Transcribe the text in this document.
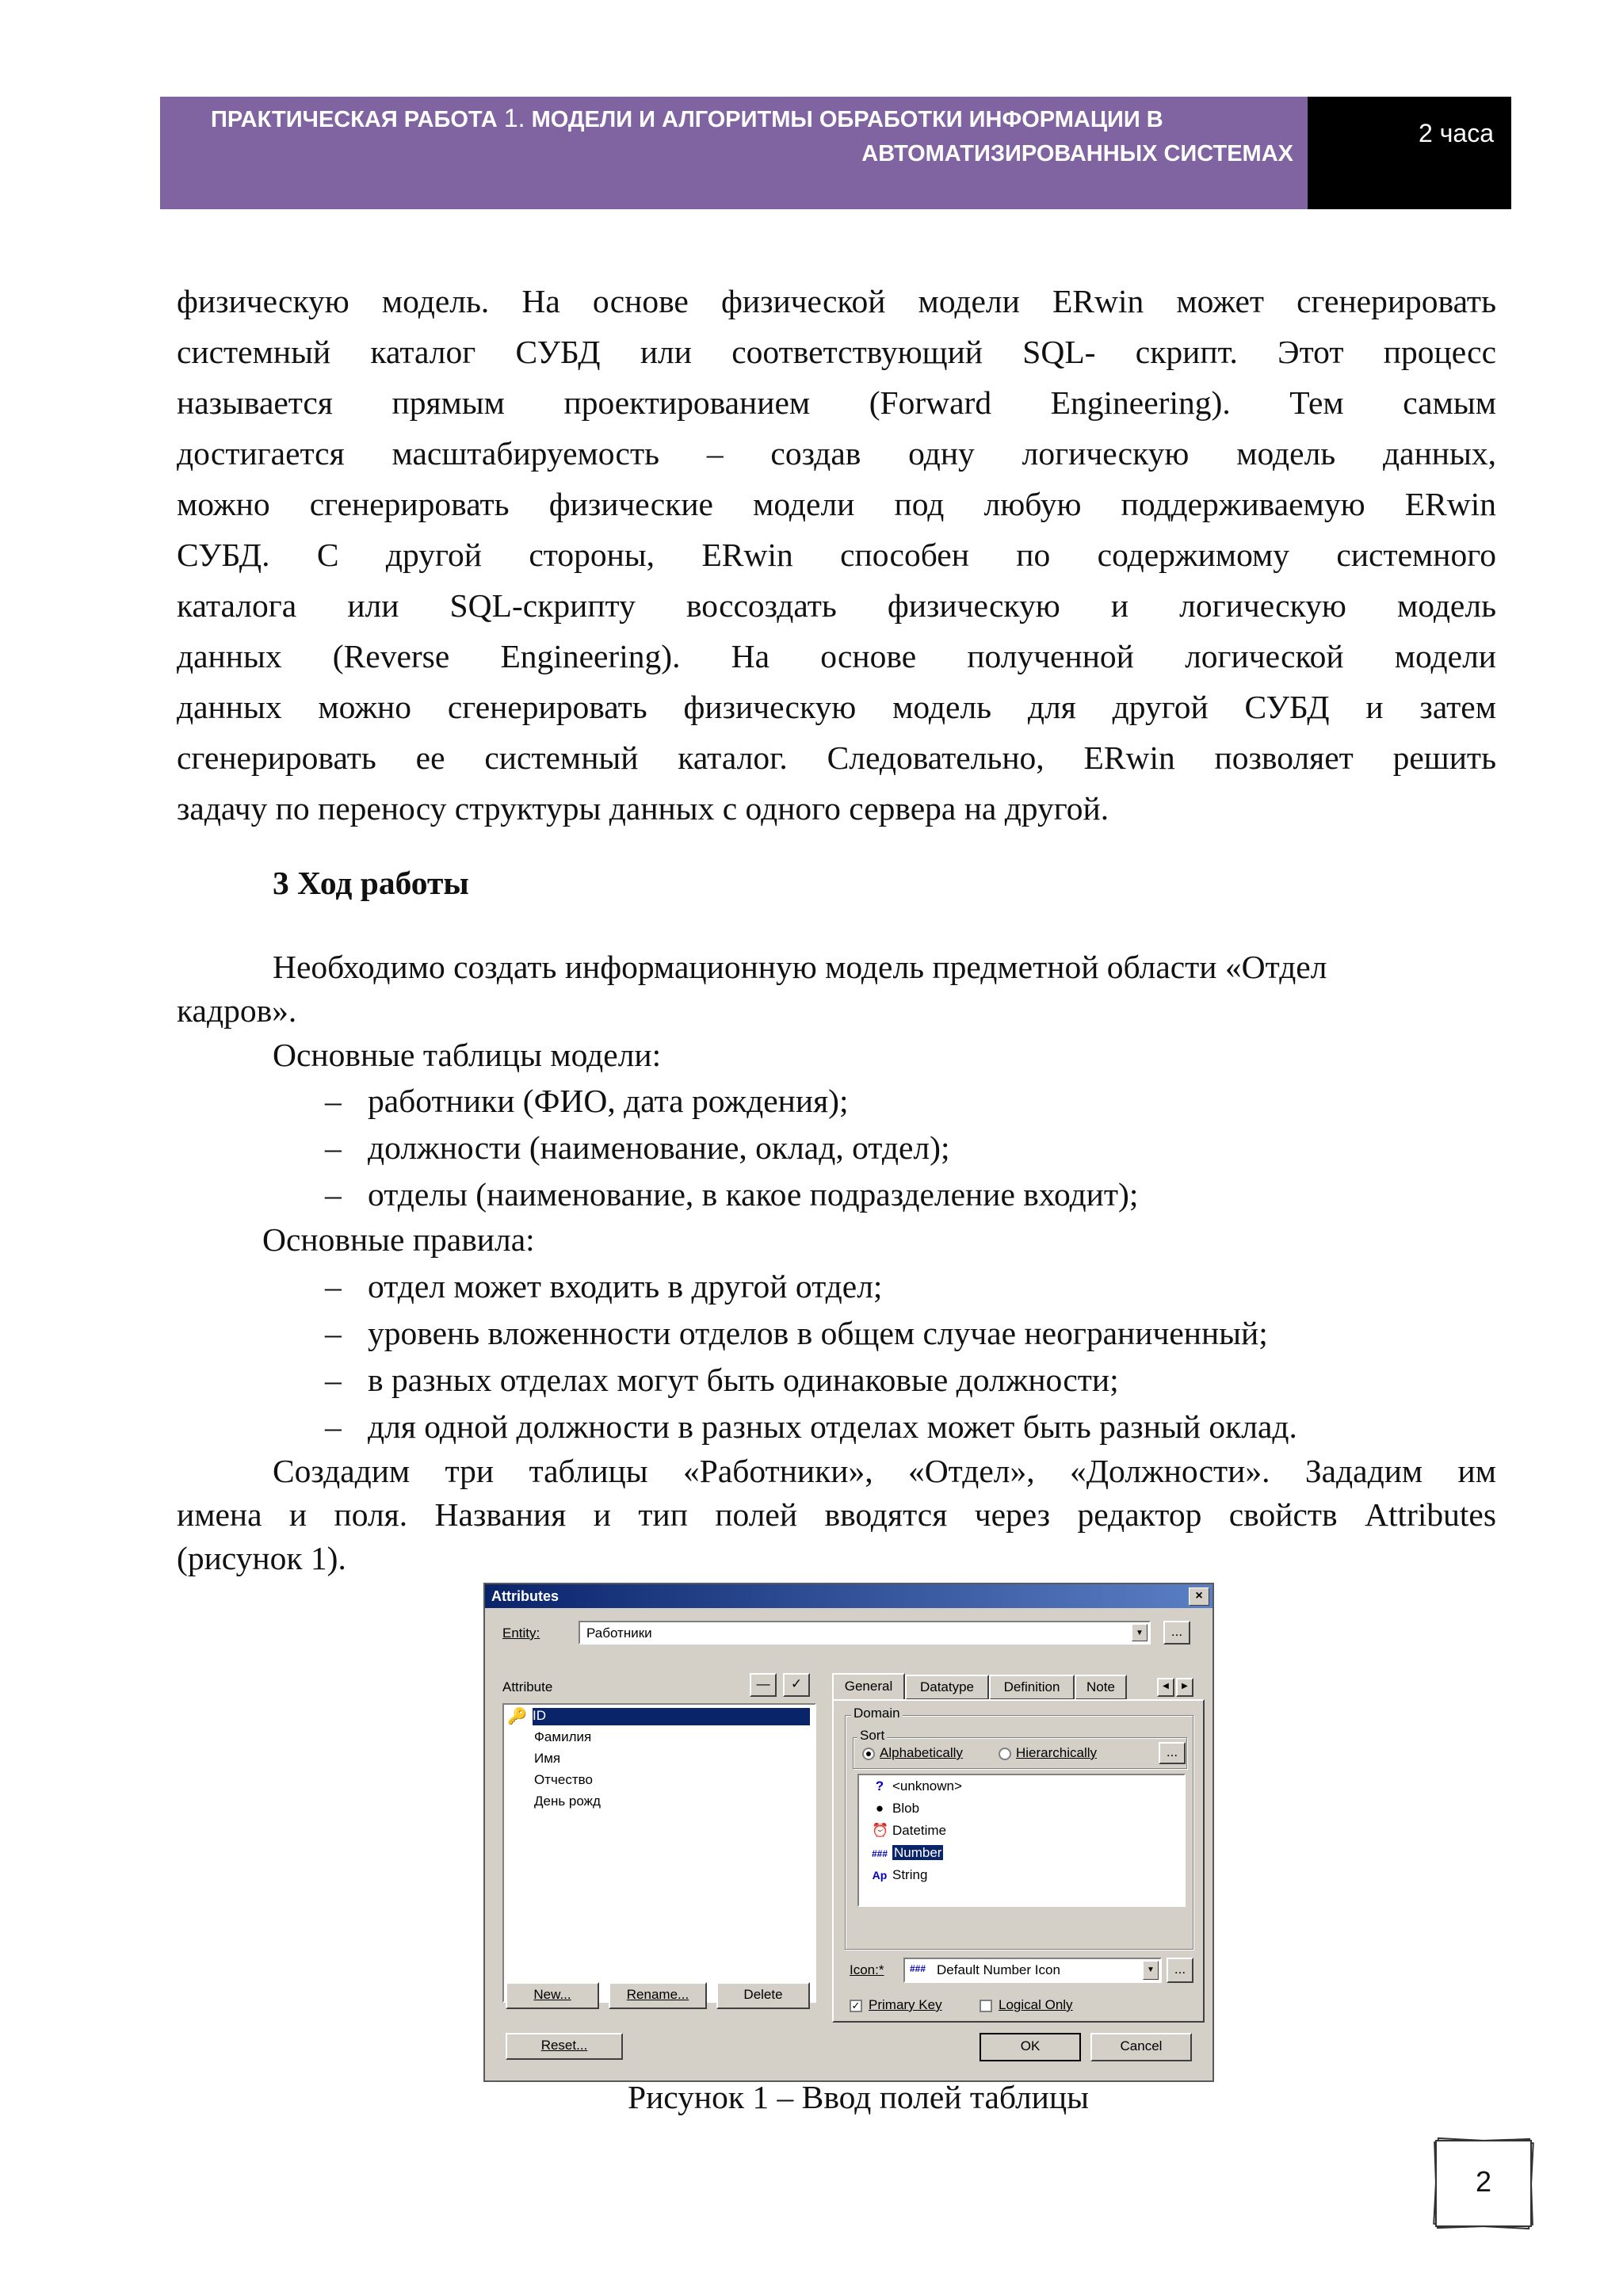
ПРАКТИЧЕСКАЯ РАБОТА 1. МОДЕЛИ И АЛГОРИТМЫ ОБРАБОТКИ ИНФОРМАЦИИ В
АВТОМАТИЗИРОВАННЫХ СИСТЕМАХ
2 часа
физическую модель. На основе физической модели ERwin может сгенерировать
системный каталог СУБД или соответствующий SQL- скрипт. Этот процесс
называется прямым проектированием (Forward Engineering). Тем самым
достигается масштабируемость – создав одну логическую модель данных,
можно сгенерировать физические модели под любую поддерживаемую ERwin
СУБД. С другой стороны, ERwin способен по содержимому системного
каталога или SQL-скрипту воссоздать физическую и логическую модель
данных (Reverse Engineering). На основе полученной логической модели
данных можно сгенерировать физическую модель для другой СУБД и затем
сгенерировать ее системный каталог. Следовательно, ERwin позволяет решить
задачу по переносу структуры данных с одного сервера на другой.
3 Ход работы
Необходимо создать информационную модель предметной области «Отдел
кадров».
Основные таблицы модели:
– работники (ФИО, дата рождения);
– должности (наименование, оклад, отдел);
– отделы (наименование, в какое подразделение входит);
Основные правила:
– отдел может входить в другой отдел;
– уровень вложенности отделов в общем случае неограниченный;
– в разных отделах могут быть одинаковые должности;
– для одной должности в разных отделах может быть разный оклад.
Создадим три таблицы «Работники», «Отдел», «Должности». Зададим им
имена и поля. Названия и тип полей вводятся через редактор свойств Attributes
(рисунок 1).
Attributes	×
Entity:	Работники	▼	...
Attribute	—	✓
🔑 ID
Фамилия
Имя
Отчество
День рожд
New...	Rename...	Delete
Reset...
General	Datatype	Definition	Note	◀	▶
Domain
Sort
Alphabetically	Hierarchically	...
? <unknown>
● Blob
⏰ Datetime
### Number
Ap String
Icon:*	### Default Number Icon	▼	...
✓ Primary Key	Logical Only
OK	Cancel
Рисунок 1 – Ввод полей таблицы
2
